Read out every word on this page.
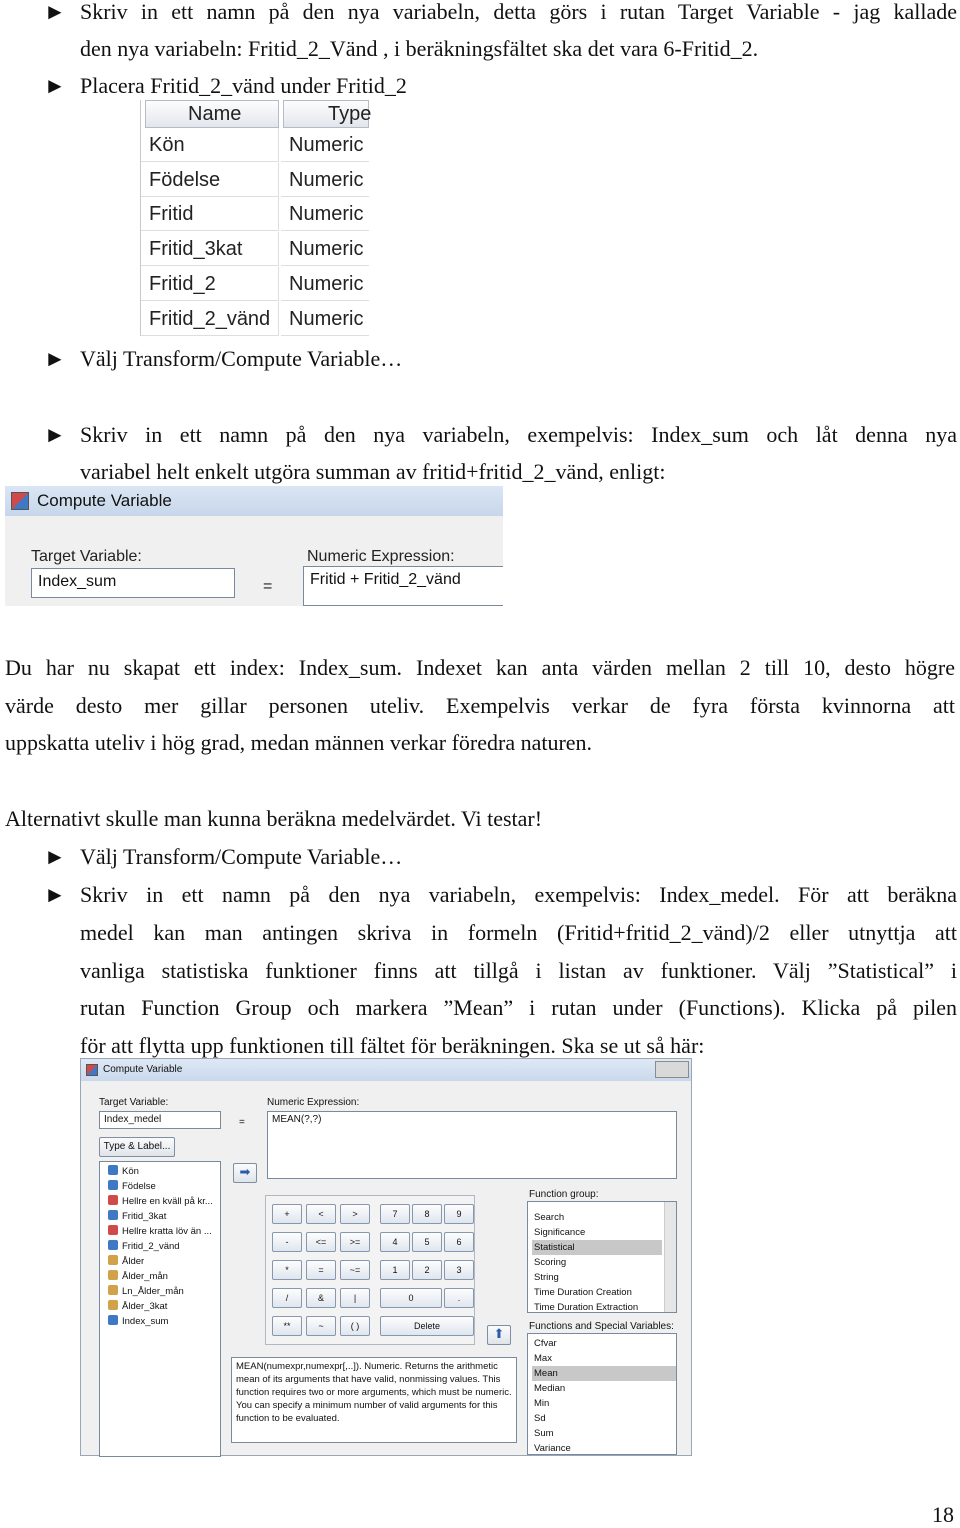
► Skriv in ett namn på den nya variabeln, detta görs i rutan Target Variable - jag kallade
den nya variabeln: Fritid_2_Vänd , i beräkningsfältet ska det vara 6-Fritid_2.
► Placera Fritid_2_vänd under Fritid_2
Name	Type
Kön	Numeric
Födelse	Numeric
Fritid	Numeric
Fritid_3kat	Numeric
Fritid_2	Numeric
Fritid_2_vänd Numeric
► Välj Transform/Compute Variable…
► Skriv in ett namn på den nya variabeln, exempelvis: Index_sum och låt denna nya
variabel helt enkelt utgöra summan av fritid+fritid_2_vänd, enligt:
Compute Variable
Target Variable:
Index_sum	=
Numeric Expression:
Fritid + Fritid_2_vänd
Du har nu skapat ett index: Index_sum. Indexet kan anta värden mellan 2 till 10, desto högre
värde desto mer gillar personen uteliv. Exempelvis verkar de fyra första kvinnorna att
uppskatta uteliv i hög grad, medan männen verkar föredra naturen.
Alternativt skulle man kunna beräkna medelvärdet. Vi testar!
► Välj Transform/Compute Variable…
► Skriv in ett namn på den nya variabeln, exempelvis: Index_medel. För att beräkna
medel kan man antingen skriva in formeln (Fritid+fritid_2_vänd)/2 eller utnyttja att
vanliga statistiska funktioner finns att tillgå i listan av funktioner. Välj ”Statistical” i
rutan Function Group och markera ”Mean” i rutan under (Functions). Klicka på pilen
för att flytta upp funktionen till fältet för beräkningen. Ska se ut så här:
Compute Variable
Target Variable:
Index_medel
Type & Label...
=
Numeric Expression:
MEAN(?,?)
Kön
Födelse
Hellre en kväll på kr...
Fritid_3kat
Hellre kratta löv än ...
Fritid_2_vänd
Ålder
Ålder_mån
Ln_Ålder_mån
Ålder_3kat
Index_sum
➡
+	<	>	7	8	9
-	<=	>=	4	5	6
*	=	~=	1	2	3
/	&	|	0	.
**	~	( )	Delete
Function group:
Search
Significance
Statistical
Scoring
String
Time Duration Creation
Time Duration Extraction
⬆	Functions and Special Variables:
Cfvar
Max
Mean
Median
Min
Sd
Sum
Variance
MEAN(numexpr,numexpr[,..]). Numeric. Returns the arithmetic mean of its arguments that have valid, nonmissing values. This function requires two or more arguments, which must be numeric. You can specify a minimum number of valid arguments for this function to be evaluated.
18
